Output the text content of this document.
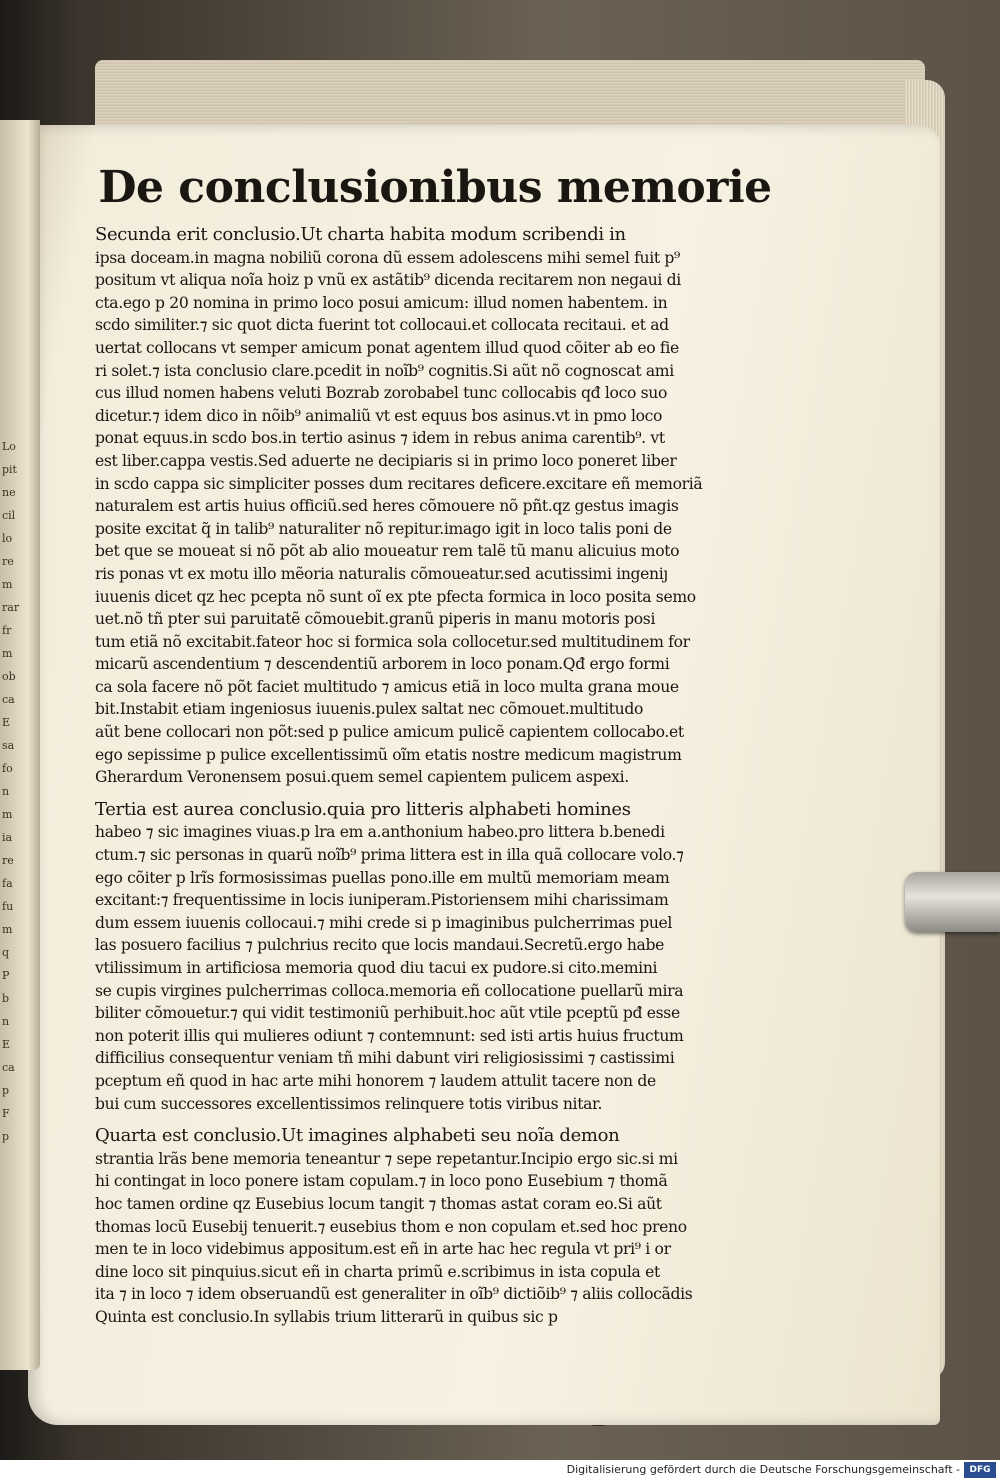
Lo
pit
ne
cil
lo
re
m
rar
fr
m
ob
ca
E
sa
fo
n
m
ia
re
fa
fu
m
q
P
b
n
E
ca
p
F
p
De conclusionibus memorie
Secunda erit conclusio.Ut charta habita modum scribendi in
ipsa doceam.in magna nobiliũ corona dũ essem adolescens mihi semel fuit p⁹
positum vt aliqua noĩa hoiz p vnũ ex astãtib⁹ dicenda recitarem non negaui di
cta.ego p 20 nomina in primo loco posui amicum: illud nomen habentem. in
scdo similiter.⁊ sic quot dicta fuerint tot collocaui.et collocata recitaui. et ad
uertat collocans vt semper amicum ponat agentem illud quod cõiter ab eo fie
ri solet.⁊ ista conclusio clare.pcedit in noĩb⁹ cognitis.Si aũt nõ cognoscat ami
cus illud nomen habens veluti Bozrab zorobabel tunc collocabis qđ loco suo
dicetur.⁊ idem dico in nõib⁹ animaliũ vt est equus bos asinus.vt in pmo loco
ponat equus.in scdo bos.in tertio asinus ⁊ idem in rebus anima carentib⁹. vt
est liber.cappa vestis.Sed aduerte ne decipiaris si in primo loco poneret liber
in scdo cappa sic simpliciter posses dum recitares deficere.excitare eñ memoriã
naturalem est artis huius officiũ.sed heres cõmouere nõ pñt.qz gestus imagis
posite excitat q̃ in talib⁹ naturaliter nõ repitur.imago igit in loco talis poni de
bet que se moueat si nõ põt ab alio moueatur rem talẽ tũ manu alicuius moto
ris ponas vt ex motu illo mẽoria naturalis cõmoueatur.sed acutissimi ingeniȷ
iuuenis dicet qz hec pcepta nõ sunt oĩ ex pte pfecta formica in loco posita semo
uet.nõ tñ pter sui paruitatẽ cõmouebit.granũ piperis in manu motoris posi
tum etiã nõ excitabit.fateor hoc si formica sola collocetur.sed multitudinem for
micarũ ascendentium ⁊ descendentiũ arborem in loco ponam.Qđ ergo formi
ca sola facere nõ põt faciet multitudo ⁊ amicus etiã in loco multa grana moue
bit.Instabit etiam ingeniosus iuuenis.pulex saltat nec cõmouet.multitudo
aũt bene collocari non põt:sed p pulice amicum pulicẽ capientem collocabo.et
ego sepissime p pulice excellentissimũ oĩm etatis nostre medicum magistrum
Gherardum Veronensem posui.quem semel capientem pulicem aspexi.
Tertia est aurea conclusio.quia pro litteris alphabeti homines
habeo ⁊ sic imagines viuas.p lra em a.anthonium habeo.pro littera b.benedi
ctum.⁊ sic personas in quarũ noĩb⁹ prima littera est in illa quã collocare volo.⁊
ego cõiter p lrĩs formosissimas puellas pono.ille em multũ memoriam meam
excitant:⁊ frequentissime in locis iuniperam.Pistoriensem mihi charissimam
dum essem iuuenis collocaui.⁊ mihi crede si p imaginibus pulcherrimas puel
las posuero facilius ⁊ pulchrius recito que locis mandaui.Secretũ.ergo habe
vtilissimum in artificiosa memoria quod diu tacui ex pudore.si cito.memini
se cupis virgines pulcherrimas colloca.memoria eñ collocatione puellarũ mira
biliter cõmouetur.⁊ qui vidit testimoniũ perhibuit.hoc aũt vtile pceptũ pđ esse
non poterit illis qui mulieres odiunt ⁊ contemnunt: sed isti artis huius fructum
difficilius consequentur veniam tñ mihi dabunt viri religiosissimi ⁊ castissimi
pceptum eñ quod in hac arte mihi honorem ⁊ laudem attulit tacere non de
bui cum successores excellentissimos relinquere totis viribus nitar.
Quarta est conclusio.Ut imagines alphabeti seu noĩa demon
strantia lrãs bene memoria teneantur ⁊ sepe repetantur.Incipio ergo sic.si mi
hi contingat in loco ponere istam copulam.⁊ in loco pono Eusebium ⁊ thomã
hoc tamen ordine qz Eusebius locum tangit ⁊ thomas astat coram eo.Si aũt
thomas locũ Eusebij tenuerit.⁊ eusebius thom e non copulam et.sed hoc preno
men te in loco videbimus appositum.est eñ in arte hac hec regula vt pri⁹ i or
dine loco sit pinquius.sicut eñ in charta primũ e.scribimus in ista copula et
ita ⁊ in loco ⁊ idem obseruandũ est generaliter in oĩb⁹ dictiõib⁹ ⁊ aliis collocãdis
Quinta est conclusio.In syllabis trium litterarũ in quibus sic p
—
Digitalisierung gefördert durch die Deutsche Forschungsgemeinschaft -	DFG
